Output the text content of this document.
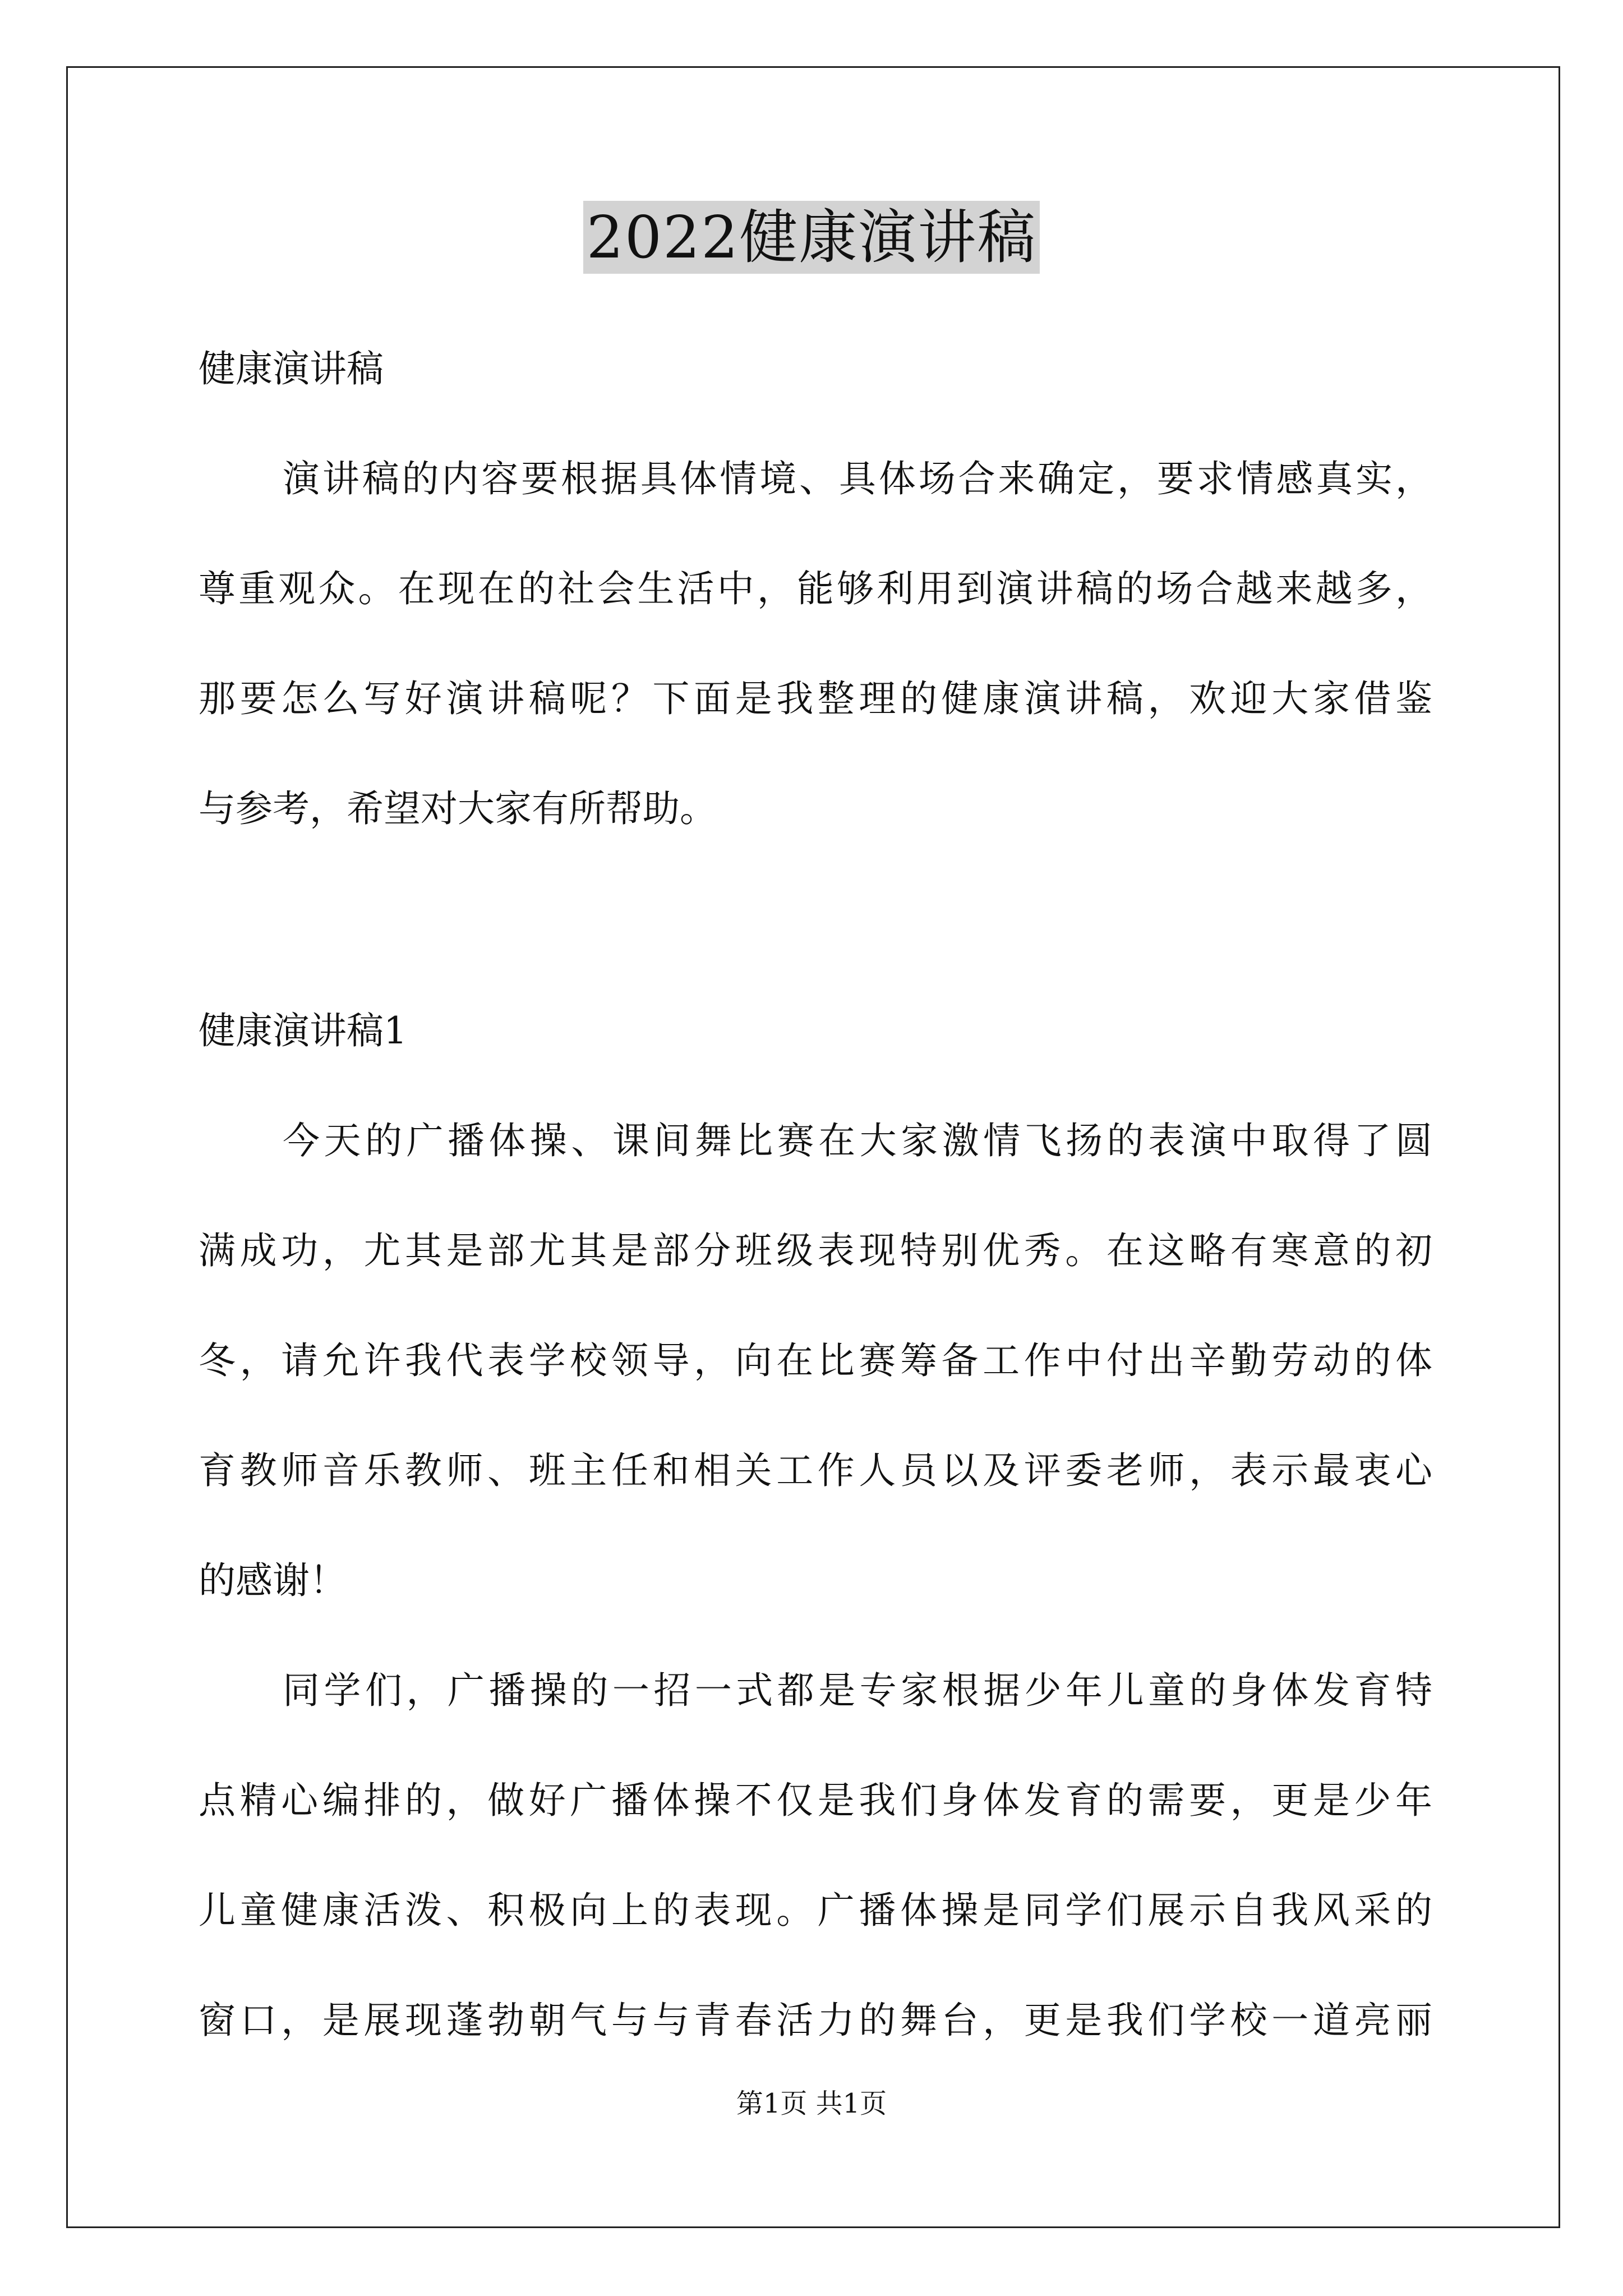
2022健康演讲稿

健康演讲稿

演讲稿的内容要根据具体情境、具体场合来确定，要求情感真实，

尊重观众。在现在的社会生活中，能够利用到演讲稿的场合越来越多，

那要怎么写好演讲稿呢？下面是我整理的健康演讲稿，欢迎大家借鉴

与参考，希望对大家有所帮助。

健康演讲稿1

今天的广播体操、课间舞比赛在大家激情飞扬的表演中取得了圆

满成功，尤其是部尤其是部分班级表现特别优秀。在这略有寒意的初

冬，请允许我代表学校领导，向在比赛筹备工作中付出辛勤劳动的体

育教师音乐教师、班主任和相关工作人员以及评委老师，表示最衷心

的感谢！

同学们，广播操的一招一式都是专家根据少年儿童的身体发育特

点精心编排的，做好广播体操不仅是我们身体发育的需要，更是少年

儿童健康活泼、积极向上的表现。广播体操是同学们展示自我风采的

窗口，是展现蓬勃朝气与与青春活力的舞台，更是我们学校一道亮丽

第1页 共1页
